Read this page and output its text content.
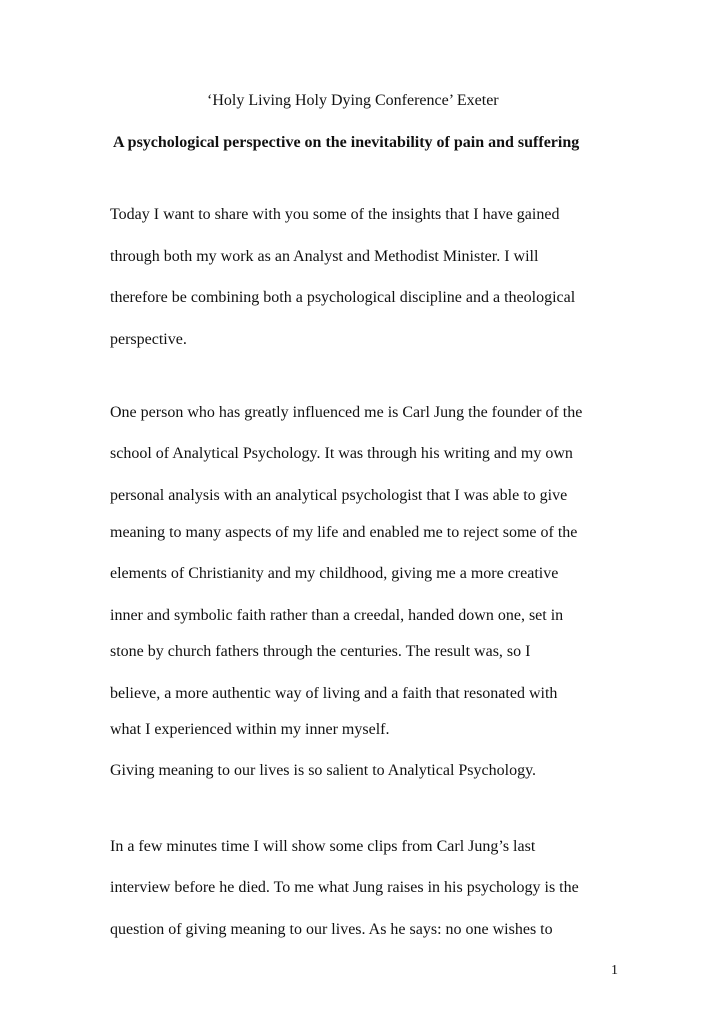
‘Holy Living Holy Dying Conference’ Exeter
A psychological perspective on the inevitability of pain and suffering
Today I want to share with you some of the insights that I have gained
through both my work as an Analyst and Methodist Minister. I will
therefore be combining both a psychological discipline and a theological
perspective.
One person who has greatly influenced me is Carl Jung the founder of the
school of Analytical Psychology. It was through his writing and my own
personal analysis with an analytical psychologist that I was able to give
meaning to many aspects of my life and enabled me to reject some of the
elements of Christianity and my childhood, giving me a more creative
inner and symbolic faith rather than a creedal, handed down one, set in
stone by church fathers through the centuries. The result was, so I
believe, a more authentic way of living and a faith that resonated with
what I experienced within my inner myself.
Giving meaning to our lives is so salient to Analytical Psychology.
In a few minutes time I will show some clips from Carl Jung’s last
interview before he died. To me what Jung raises in his psychology is the
question of giving meaning to our lives. As he says: no one wishes to
1
